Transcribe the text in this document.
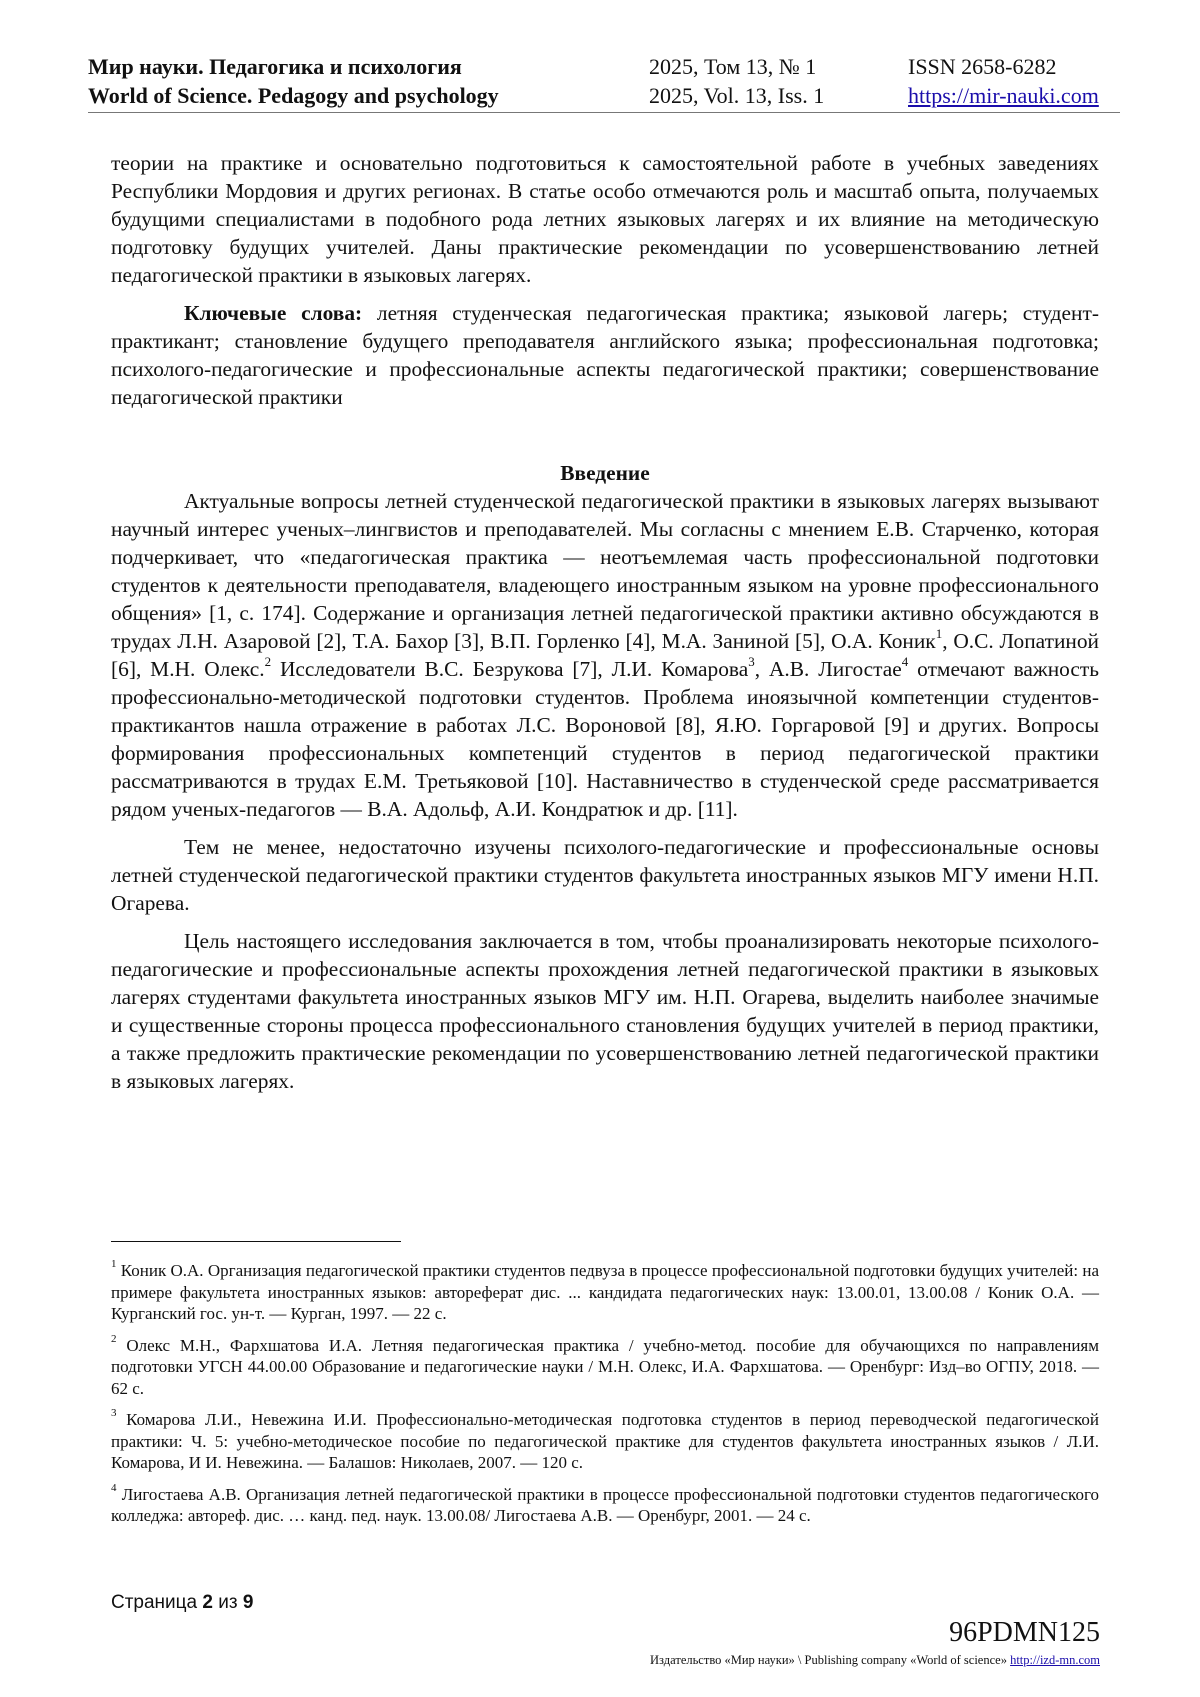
Мир науки. Педагогика и психология
World of Science. Pedagogy and psychology
2025, Том 13, № 1
2025, Vol. 13, Iss. 1
ISSN 2658-6282
https://mir-nauki.com

теории на практике и основательно подготовиться к самостоятельной работе в учебных заведениях Республики Мордовия и других регионах. В статье особо отмечаются роль и масштаб опыта, получаемых будущими специалистами в подобного рода летних языковых лагерях и их влияние на методическую подготовку будущих учителей. Даны практические рекомендации по усовершенствованию летней педагогической практики в языковых лагерях.

Ключевые слова: летняя студенческая педагогическая практика; языковой лагерь; студент-практикант; становление будущего преподавателя английского языка; профессиональная подготовка; психолого-педагогические и профессиональные аспекты педагогической практики; совершенствование педагогической практики

Введение

Актуальные вопросы летней студенческой педагогической практики в языковых лагерях вызывают научный интерес ученых–лингвистов и преподавателей. Мы согласны с мнением Е.В. Старченко, которая подчеркивает, что «педагогическая практика — неотъемлемая часть профессиональной подготовки студентов к деятельности преподавателя, владеющего иностранным языком на уровне профессионального общения» [1, с. 174]. Содержание и организация летней педагогической практики активно обсуждаются в трудах Л.Н. Азаровой [2], Т.А. Бахор [3], В.П. Горленко [4], М.А. Заниной [5], О.А. Коник$^1$, О.С. Лопатиной [6], М.Н. Олекс.$^2$ Исследователи В.С. Безрукова [7], Л.И. Комарова$^3$, А.В. Лигостае$^4$ отмечают важность профессионально-методической подготовки студентов. Проблема иноязычной компетенции студентов-практикантов нашла отражение в работах Л.С. Вороновой [8], Я.Ю. Горгаровой [9] и других. Вопросы формирования профессиональных компетенций студентов в период педагогической практики рассматриваются в трудах Е.М. Третьяковой [10]. Наставничество в студенческой среде рассматривается рядом ученых-педагогов — В.А. Адольф, А.И. Кондратюк и др. [11].

Тем не менее, недостаточно изучены психолого-педагогические и профессиональные основы летней студенческой педагогической практики студентов факультета иностранных языков МГУ имени Н.П. Огарева.

Цель настоящего исследования заключается в том, чтобы проанализировать некоторые психолого-педагогические и профессиональные аспекты прохождения летней педагогической практики в языковых лагерях студентами факультета иностранных языков МГУ им. Н.П. Огарева, выделить наиболее значимые и существенные стороны процесса профессионального становления будущих учителей в период практики, а также предложить практические рекомендации по усовершенствованию летней педагогической практики в языковых лагерях.

$^1$ Коник О.А. Организация педагогической практики студентов педвуза в процессе профессиональной подготовки будущих учителей: на примере факультета иностранных языков: автореферат дис. ... кандидата педагогических наук: 13.00.01, 13.00.08 / Коник О.А. — Курганский гос. ун-т. — Курган, 1997. — 22 с.

$^2$ Олекс М.Н., Фархшатова И.А. Летняя педагогическая практика / учебно-метод. пособие для обучающихся по направлениям подготовки УГСН 44.00.00 Образование и педагогические науки / М.Н. Олекс, И.А. Фархшатова. — Оренбург: Изд–во ОГПУ, 2018. — 62 с.

$^3$ Комарова Л.И., Невежина И.И. Профессионально-методическая подготовка студентов в период переводческой педагогической практики: Ч. 5: учебно-методическое пособие по педагогической практике для студентов факультета иностранных языков / Л.И. Комарова, И И. Невежина. — Балашов: Николаев, 2007. — 120 с.

$^4$ Лигостаева А.В. Организация летней педагогической практики в процессе профессиональной подготовки студентов педагогического колледжа: автореф. дис. … канд. пед. наук. 13.00.08/ Лигостаева А.В. — Оренбург, 2001. — 24 с.

Страница 2 из 9
96PDMN125
Издательство «Мир науки» \ Publishing company «World of science» http://izd-mn.com
